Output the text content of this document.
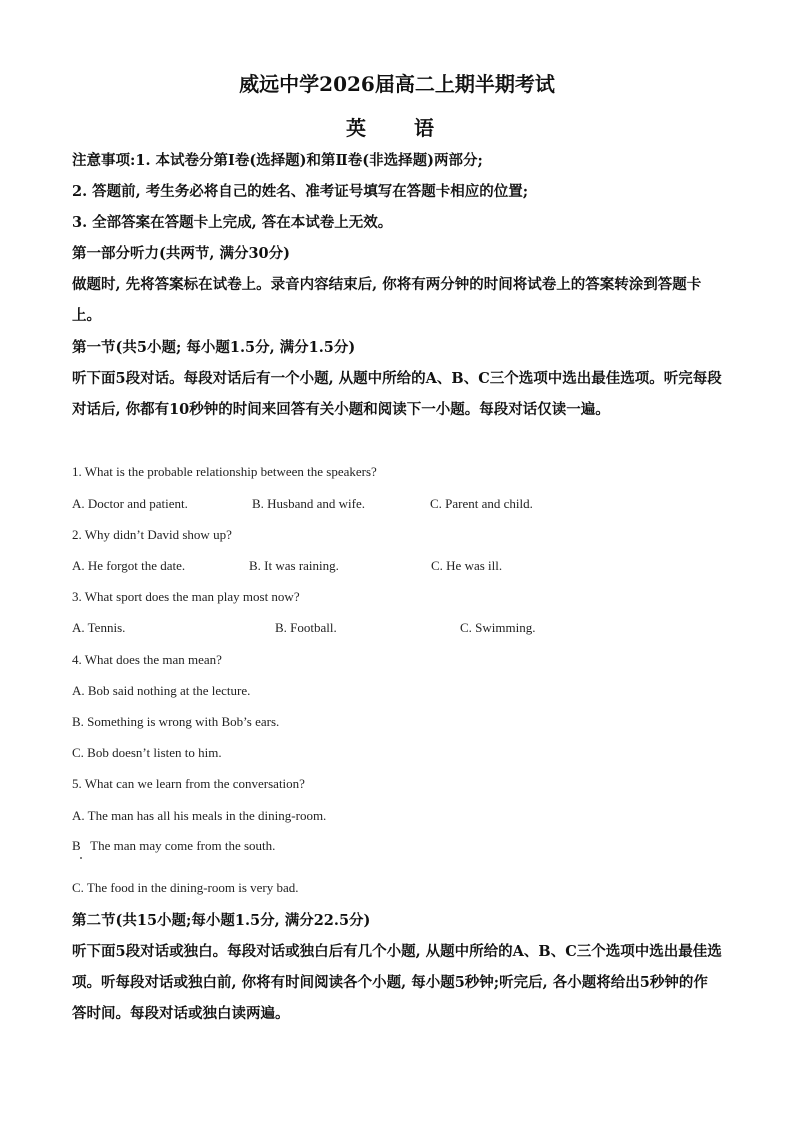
威远中学2026届高二上期半期考试
英　语
注意事项:1. 本试卷分第Ⅰ卷(选择题)和第Ⅱ卷(非选择题)两部分;
2. 答题前, 考生务必将自己的姓名、准考证号填写在答题卡相应的位置;
3. 全部答案在答题卡上完成, 答在本试卷上无效。
第一部分听力(共两节, 满分30分)
做题时, 先将答案标在试卷上。录音内容结束后, 你将有两分钟的时间将试卷上的答案转涂到答题卡上。
第一节(共5小题; 每小题1.5分, 满分1.5分)
听下面5段对话。每段对话后有一个小题, 从题中所给的A、B、C三个选项中选出最佳选项。听完每段对话后, 你都有10秒钟的时间来回答有关小题和阅读下一小题。每段对话仅读一遍。
1. What is the probable relationship between the speakers?
A. Doctor and patient.	B. Husband and wife.	C. Parent and child.
2. Why didn’t David show up?
A. He forgot the date.	B. It was raining.	C. He was ill.
3. What sport does the man play most now?
A. Tennis.	B. Football.	C. Swimming.
4. What does the man mean?
A. Bob said nothing at the lecture.
B. Something is wrong with Bob’s ears.
C. Bob doesn’t listen to him.
5. What can we learn from the conversation?
A. The man has all his meals in the dining-room.
B   The man may come from the south.
C. The food in the dining-room is very bad.
第二节(共15小题;每小题1.5分, 满分22.5分)
听下面5段对话或独白。每段对话或独白后有几个小题, 从题中所给的A、B、C三个选项中选出最佳选项。听每段对话或独白前, 你将有时间阅读各个小题, 每小题5秒钟;听完后, 各小题将给出5秒钟的作答时间。每段对话或独白读两遍。
